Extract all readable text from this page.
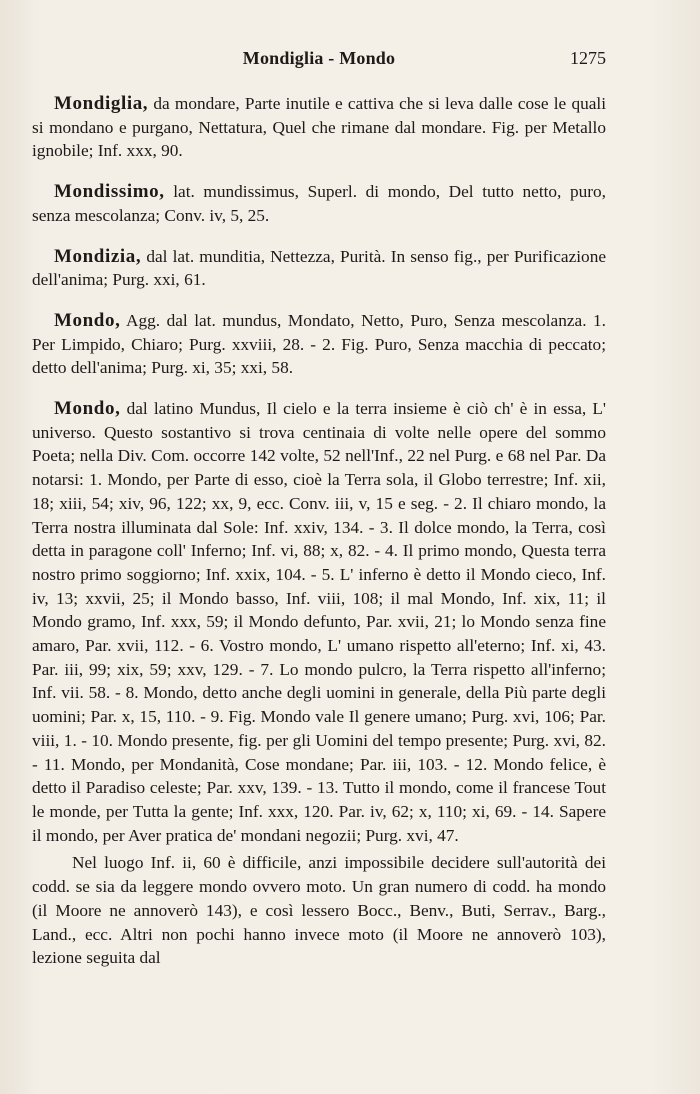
Mondiglia - Mondo	1275

Mondiglia, da mondare, Parte inutile e cattiva che si leva dalle cose le quali si mondano e purgano, Nettatura, Quel che rimane dal mondare. Fig. per Metallo ignobile; Inf. xxx, 90.

Mondissimo, lat. mundissimus, Superl. di mondo, Del tutto netto, puro, senza mescolanza; Conv. iv, 5, 25.

Mondizia, dal lat. munditia, Nettezza, Purità. In senso fig., per Purificazione dell'anima; Purg. xxi, 61.

Mondo, Agg. dal lat. mundus, Mondato, Netto, Puro, Senza mescolanza. 1. Per Limpido, Chiaro; Purg. xxviii, 28. - 2. Fig. Puro, Senza macchia di peccato; detto dell'anima; Purg. xi, 35; xxi, 58.

Mondo, dal latino Mundus, Il cielo e la terra insieme è ciò ch' è in essa, L' universo. Questo sostantivo si trova centinaia di volte nelle opere del sommo Poeta; nella Div. Com. occorre 142 volte, 52 nell'Inf., 22 nel Purg. e 68 nel Par. Da notarsi: 1. Mondo, per Parte di esso, cioè la Terra sola, il Globo terrestre; Inf. xii, 18; xiii, 54; xiv, 96, 122; xx, 9, ecc. Conv. iii, v, 15 e seg. - 2. Il chiaro mondo, la Terra nostra illuminata dal Sole: Inf. xxiv, 134. - 3. Il dolce mondo, la Terra, così detta in paragone coll' Inferno; Inf. vi, 88; x, 82. - 4. Il primo mondo, Questa terra nostro primo soggiorno; Inf. xxix, 104. - 5. L' inferno è detto il Mondo cieco, Inf. iv, 13; xxvii, 25; il Mondo basso, Inf. viii, 108; il mal Mondo, Inf. xix, 11; il Mondo gramo, Inf. xxx, 59; il Mondo defunto, Par. xvii, 21; lo Mondo senza fine amaro, Par. xvii, 112. - 6. Vostro mondo, L' umano rispetto all'eterno; Inf. xi, 43. Par. iii, 99; xix, 59; xxv, 129. - 7. Lo mondo pulcro, la Terra rispetto all'inferno; Inf. vii. 58. - 8. Mondo, detto anche degli uomini in generale, della Più parte degli uomini; Par. x, 15, 110. - 9. Fig. Mondo vale Il genere umano; Purg. xvi, 106; Par. viii, 1. - 10. Mondo presente, fig. per gli Uomini del tempo presente; Purg. xvi, 82. - 11. Mondo, per Mondanità, Cose mondane; Par. iii, 103. - 12. Mondo felice, è detto il Paradiso celeste; Par. xxv, 139. - 13. Tutto il mondo, come il francese Tout le monde, per Tutta la gente; Inf. xxx, 120. Par. iv, 62; x, 110; xi, 69. - 14. Sapere il mondo, per Aver pratica de' mondani negozii; Purg. xvi, 47.

Nel luogo Inf. ii, 60 è difficile, anzi impossibile decidere sull'autorità dei codd. se sia da leggere mondo ovvero moto. Un gran numero di codd. ha mondo (il Moore ne annoverò 143), e così lessero Bocc., Benv., Buti, Serrav., Barg., Land., ecc. Altri non pochi hanno invece moto (il Moore ne annoverò 103), lezione seguita dal
